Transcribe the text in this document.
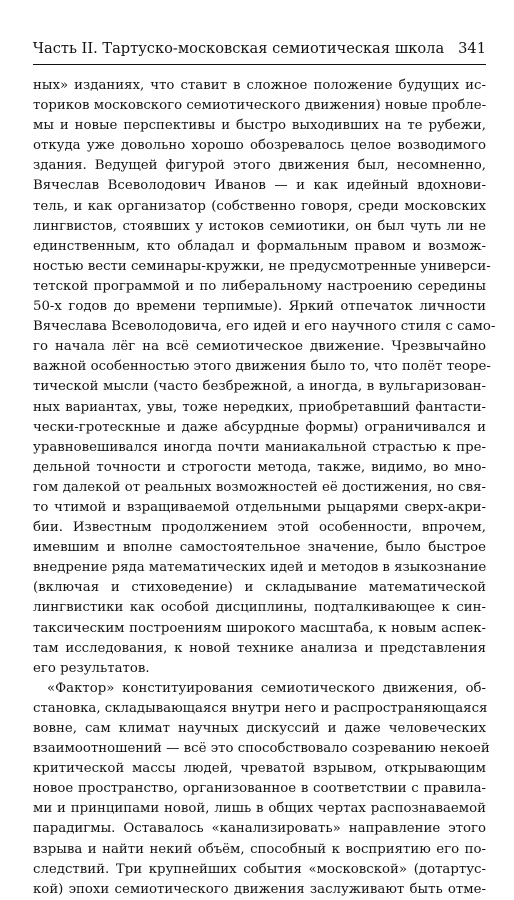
Часть II. Тартуско-московская семиотическая школа 341
ных» изданиях, что ставит в сложное положение будущих ис-
ториков московского семиотического движения) новые пробле-
мы и новые перспективы и быстро выходивших на те рубежи,
откуда уже довольно хорошо обозревалось целое возводимого
здания. Ведущей фигурой этого движения был, несомненно,
Вячеслав Всеволодович Иванов — и как идейный вдохнови-
тель, и как организатор (собственно говоря, среди московских
лингвистов, стоявших у истоков семиотики, он был чуть ли не
единственным, кто обладал и формальным правом и возмож-
ностью вести семинары-кружки, не предусмотренные универси-
тетской программой и по либеральному настроению середины
50-х годов до времени терпимые). Яркий отпечаток личности
Вячеслава Всеволодовича, его идей и его научного стиля с само-
го начала лёг на всё семиотическое движение. Чрезвычайно
важной особенностью этого движения было то, что полёт теоре-
тической мысли (часто безбрежной, а иногда, в вульгаризован-
ных вариантах, увы, тоже нередких, приобретавший фантасти-
чески-гротескные и даже абсурдные формы) ограничивался и
уравновешивался иногда почти маниакальной страстью к пре-
дельной точности и строгости метода, также, видимо, во мно-
гом далекой от реальных возможностей её достижения, но свя-
то чтимой и взращиваемой отдельными рыцарями сверх-акри-
бии. Известным продолжением этой особенности, впрочем,
имевшим и вполне самостоятельное значение, было быстрое
внедрение ряда математических идей и методов в языкознание
(включая и стиховедение) и складывание математической
лингвистики как особой дисциплины, подталкивающее к син-
таксическим построениям широкого масштаба, к новым аспек-
там исследования, к новой технике анализа и представления
его результатов.
«Фактор» конституирования семиотического движения, об-
становка, складывающаяся внутри него и распространяющаяся
вовне, сам климат научных дискуссий и даже человеческих
взаимоотношений — всё это способствовало созреванию некоей
критической массы людей, чреватой взрывом, открывающим
новое пространство, организованное в соответствии с правила-
ми и принципами новой, лишь в общих чертах распознаваемой
парадигмы. Оставалось «канализировать» направление этого
взрыва и найти некий объём, способный к восприятию его по-
следствий. Три крупнейших события «московской» (дотартус-
кой) эпохи семиотического движения заслуживают быть отме-
